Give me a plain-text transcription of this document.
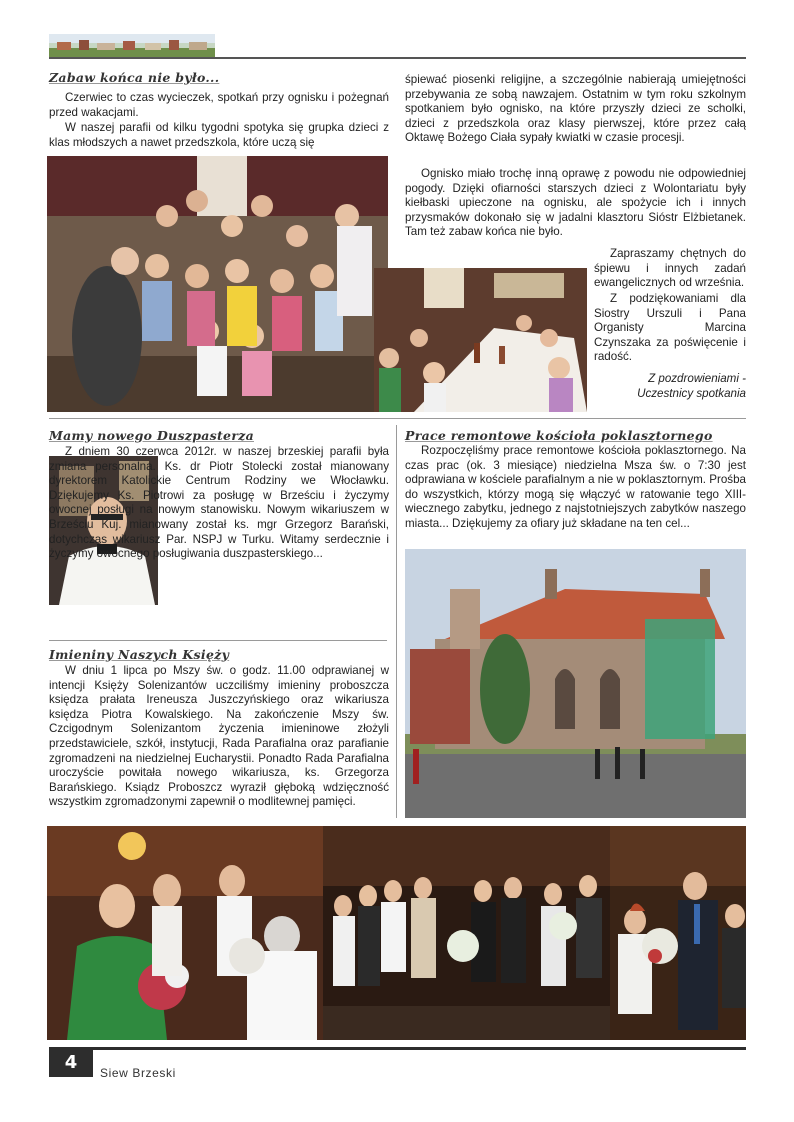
Zabaw końca nie było...

Czerwiec to czas wycieczek, spotkań przy ognisku i pożegnań przed wakacjami.

W naszej parafii od kilku tygodni spotyka się grupka dzieci z klas młodszych a nawet przedszkola, które uczą się

śpiewać piosenki religijne, a szczególnie nabierają umiejętności przebywania ze sobą nawzajem. Ostatnim w tym roku szkolnym spotkaniem było ognisko, na które przyszły dzieci ze scholki, dzieci z przedszkola oraz klasy pierwszej, które przez całą Oktawę Bożego Ciała sypały kwiatki w czasie procesji.

Ognisko miało trochę inną oprawę z powodu nie odpowiedniej pogody. Dzięki ofiarności starszych dzieci z Wolontariatu były kiełbaski upieczone na ognisku, ale spożycie ich i innych przysmaków dokonało się w jadalni klasztoru Sióstr Elżbietanek. Tam też zabaw końca nie było.

Zapraszamy chętnych do śpiewu i innych zadań ewangelicznych od września.

Z podziękowaniami dla Siostry Urszuli i Pana Organisty Marcina Czynszaka za poświęcenie i radość.

Z pozdrowieniami -

Uczestnicy spotkania

Mamy nowego Duszpasterza

Z dniem 30 czerwca 2012r. w naszej brzeskiej parafii była zmiana personalna. Ks. dr Piotr Stolecki został mianowany dyrektorem Katolickie Centrum Rodziny we Włocławku. Dziękujemy Ks. Piotrowi za posługę w Brześciu i życzymy owocnej posługi na nowym stanowisku. Nowym wikariuszem w Brześciu Kuj. mianowany został ks. mgr Grzegorz Barański, dotychczas wikariusz Par. NSPJ w Turku. Witamy serdecznie i życzymy owocnego posługiwania duszpasterskiego...

Imieniny Naszych Księży

W dniu 1 lipca po Mszy św. o godz. 11.00 odprawianej w intencji Księży Solenizantów uczciliśmy imieniny proboszcza księdza prałata Ireneusza Juszczyńskiego oraz wikariusza księdza Piotra Kowalskiego. Na zakończenie Mszy św. Czcigodnym Solenizantom życzenia imieninowe złożyli przedstawiciele, szkół, instytucji, Rada Parafialna oraz parafianie zgromadzeni na niedzielnej Eucharystii. Ponadto Rada Parafialna uroczyście powitała nowego wikariusza, ks. Grzegorza Barańskiego. Ksiądz Proboszcz wyraził głęboką wdzięczność wszystkim zgromadzonymi zapewnił o modlitewnej pamięci.

Prace remontowe kościoła poklasztornego

Rozpoczęliśmy prace remontowe kościoła poklasztornego. Na czas prac (ok. 3 miesiące) niedzielna Msza św. o 7:30 jest odprawiana w kościele parafialnym a nie w poklasztornym. Prośba do wszystkich, którzy mogą się włączyć w ratowanie tego XIII-wiecznego zabytku, jednego z najstotniejszych zabytków naszego miasta... Dziękujemy za ofiary już składane na ten cel...

4
Siew Brzeski
